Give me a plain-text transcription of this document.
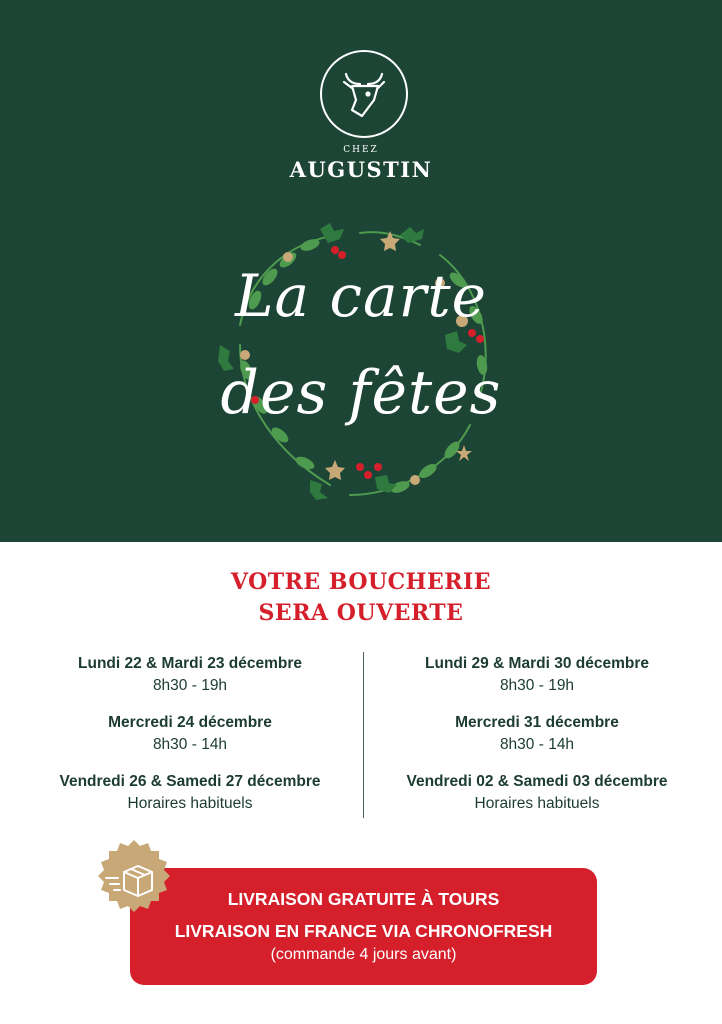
CHEZ
AUGUSTIN
La carte
des fêtes
VOTRE BOUCHERIE
SERA OUVERTE
Lundi 22 & Mardi 23 décembre
8h30 - 19h
Mercredi 24 décembre
8h30 - 14h
Vendredi 26 & Samedi 27 décembre
Horaires habituels
Lundi 29 & Mardi 30 décembre
8h30 - 19h
Mercredi 31 décembre
8h30 - 14h
Vendredi 02 & Samedi 03 décembre
Horaires habituels
LIVRAISON GRATUITE À TOURS
LIVRAISON EN FRANCE VIA CHRONOFRESH
(commande 4 jours avant)
